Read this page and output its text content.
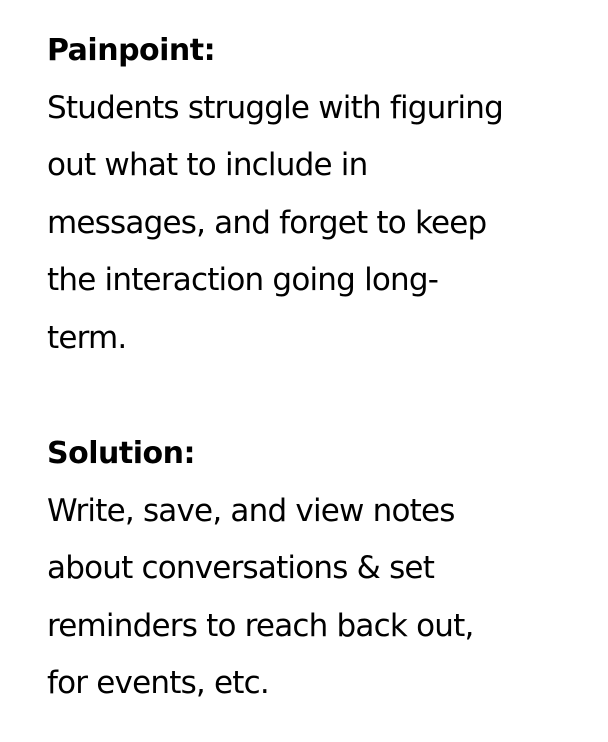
Painpoint:
Students struggle with figuring
out what to include in
messages, and forget to keep
the interaction going long-
term.
Solution:
Write, save, and view notes
about conversations & set
reminders to reach back out,
for events, etc.
